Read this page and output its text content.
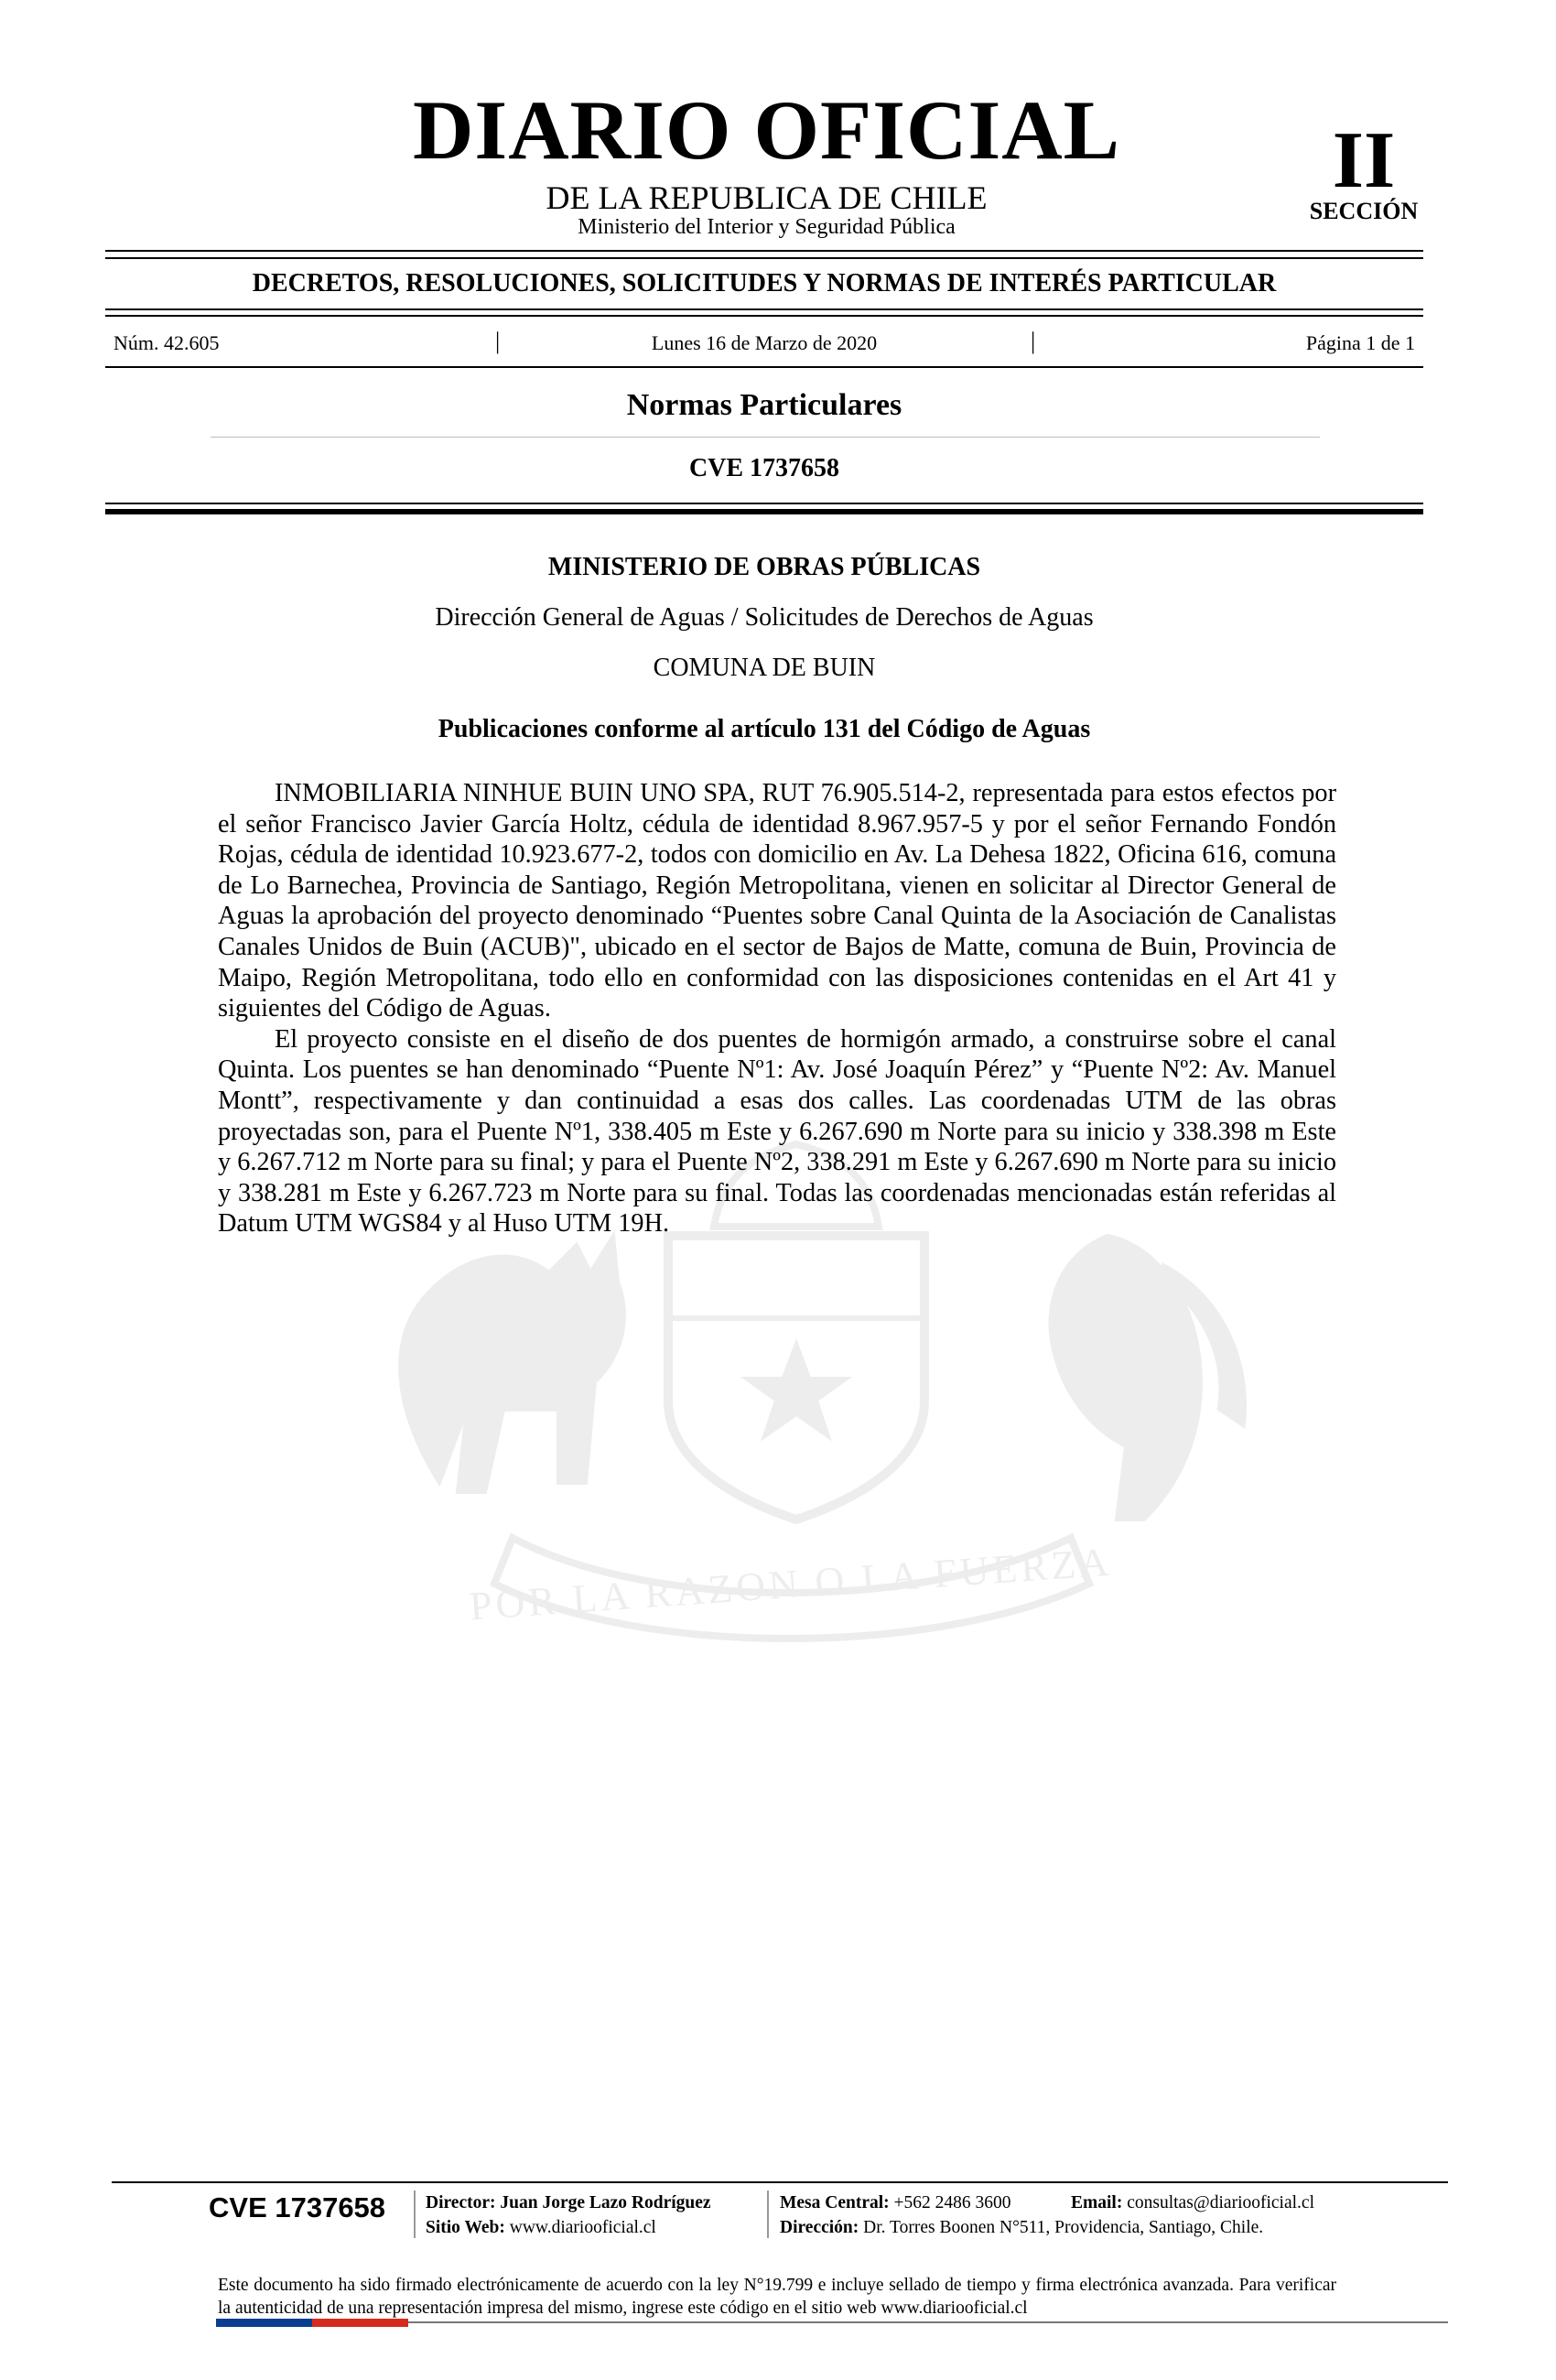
DIARIO OFICIAL
DE LA REPUBLICA DE CHILE
Ministerio del Interior y Seguridad Pública
II
SECCIÓN
DECRETOS, RESOLUCIONES, SOLICITUDES Y NORMAS DE INTERÉS PARTICULAR
Núm. 42.605	|	Lunes 16 de Marzo de 2020	|	Página 1 de 1
Normas Particulares
CVE 1737658
POR LA RAZON O LA FUERZA
MINISTERIO DE OBRAS PÚBLICAS
Dirección General de Aguas / Solicitudes de Derechos de Aguas
COMUNA DE BUIN
Publicaciones conforme al artículo 131 del Código de Aguas

INMOBILIARIA NINHUE BUIN UNO SPA, RUT 76.905.514-2, representada para estos efectos por el señor Francisco Javier García Holtz, cédula de identidad 8.967.957-5 y por el señor Fernando Fondón Rojas, cédula de identidad 10.923.677-2, todos con domicilio en Av. La Dehesa 1822, Oficina 616, comuna de Lo Barnechea, Provincia de Santiago, Región Metropolitana, vienen en solicitar al Director General de Aguas la aprobación del proyecto denominado “Puentes sobre Canal Quinta de la Asociación de Canalistas Canales Unidos de Buin (ACUB)", ubicado en el sector de Bajos de Matte, comuna de Buin, Provincia de Maipo, Región Metropolitana, todo ello en conformidad con las disposiciones contenidas en el Art 41 y siguientes del Código de Aguas.

El proyecto consiste en el diseño de dos puentes de hormigón armado, a construirse sobre el canal Quinta. Los puentes se han denominado “Puente Nº1: Av. José Joaquín Pérez” y “Puente Nº2: Av. Manuel Montt”, respectivamente y dan continuidad a esas dos calles. Las coordenadas UTM de las obras proyectadas son, para el Puente Nº1, 338.405 m Este y 6.267.690 m Norte para su inicio y 338.398 m Este y 6.267.712 m Norte para su final; y para el Puente Nº2, 338.291 m Este y 6.267.690 m Norte para su inicio y 338.281 m Este y 6.267.723 m Norte para su final. Todas las coordenadas mencionadas están referidas al Datum UTM WGS84 y al Huso UTM 19H.

CVE 1737658 Director: Juan Jorge Lazo Rodríguez
Sitio Web: www.diariooficial.cl
Mesa Central: +562 2486 3600	Email: consultas@diariooficial.cl
Dirección: Dr. Torres Boonen N°511, Providencia, Santiago, Chile.
Este documento ha sido firmado electrónicamente de acuerdo con la ley N°19.799 e incluye sellado de tiempo y firma electrónica avanzada. Para verificar la autenticidad de una representación impresa del mismo, ingrese este código en el sitio web www.diariooficial.cl
